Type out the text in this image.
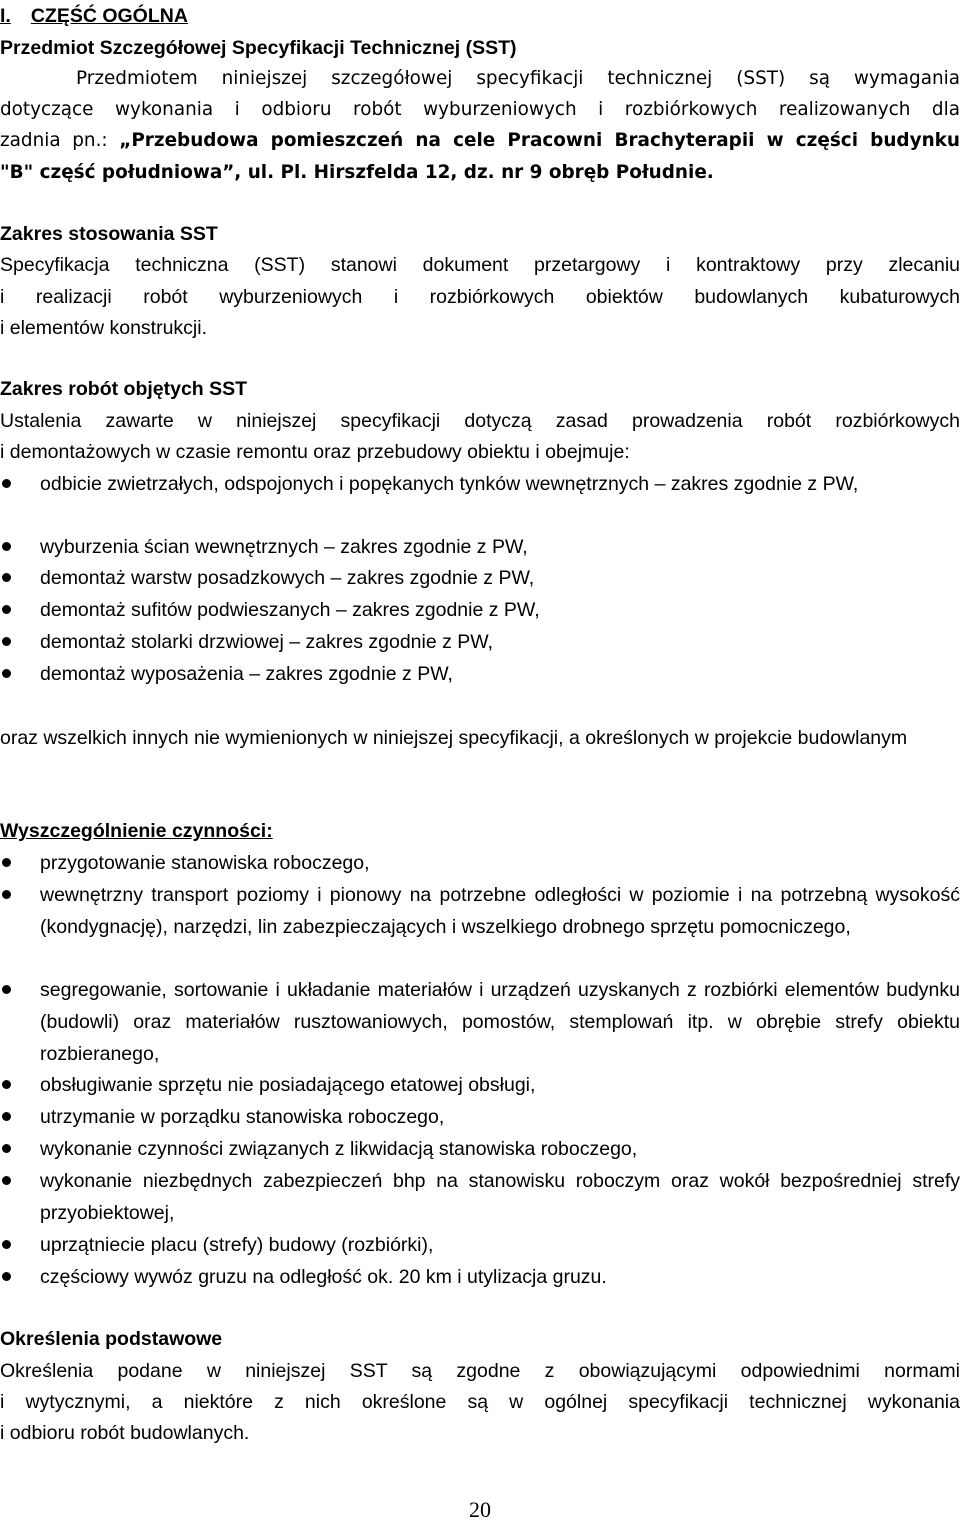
I. CZĘŚĆ OGÓLNA
Przedmiot Szczegółowej Specyfikacji Technicznej (SST)
Przedmiotem niniejszej szczegółowej specyfikacji technicznej (SST) są wymagania
dotyczące wykonania i odbioru robót wyburzeniowych i rozbiórkowych realizowanych dla
zadnia pn.: „Przebudowa pomieszczeń na cele Pracowni Brachyterapii w części budynku
"B" część południowa”, ul. Pl. Hirszfelda 12, dz. nr 9 obręb Południe.
Zakres stosowania SST
Specyfikacja techniczna (SST) stanowi dokument przetargowy i kontraktowy przy zlecaniu
i realizacji robót wyburzeniowych i rozbiórkowych obiektów budowlanych kubaturowych
i elementów konstrukcji.
Zakres robót objętych SST
Ustalenia zawarte w niniejszej specyfikacji dotyczą zasad prowadzenia robót rozbiórkowych
i demontażowych w czasie remontu oraz przebudowy obiektu i obejmuje:
odbicie zwietrzałych, odspojonych i popękanych tynków wewnętrznych – zakres zgodnie z PW,
wyburzenia ścian wewnętrznych – zakres zgodnie z PW,
demontaż warstw posadzkowych – zakres zgodnie z PW,
demontaż sufitów podwieszanych – zakres zgodnie z PW,
demontaż stolarki drzwiowej – zakres zgodnie z PW,
demontaż wyposażenia – zakres zgodnie z PW,
oraz wszelkich innych nie wymienionych w niniejszej specyfikacji, a określonych w projekcie budowlanym
Wyszczególnienie czynności:
przygotowanie stanowiska roboczego,
wewnętrzny transport poziomy i pionowy na potrzebne odległości w poziomie i na potrzebną wysokość (kondygnację), narzędzi, lin zabezpieczających i wszelkiego drobnego sprzętu pomocniczego,
segregowanie, sortowanie i układanie materiałów i urządzeń uzyskanych z rozbiórki elementów budynku (budowli) oraz materiałów rusztowaniowych, pomostów, stemplowań itp. w obrębie strefy obiektu rozbieranego,
obsługiwanie sprzętu nie posiadającego etatowej obsługi,
utrzymanie w porządku stanowiska roboczego,
wykonanie czynności związanych z likwidacją stanowiska roboczego,
wykonanie niezbędnych zabezpieczeń bhp na stanowisku roboczym oraz wokół bezpośredniej strefy przyobiektowej,
uprzątniecie placu (strefy) budowy (rozbiórki),
częściowy wywóz gruzu na odległość ok. 20 km i utylizacja gruzu.
Określenia podstawowe
Określenia podane w niniejszej SST są zgodne z obowiązującymi odpowiednimi normami
i wytycznymi, a niektóre z nich określone są w ogólnej specyfikacji technicznej wykonania
i odbioru robót budowlanych.
20
